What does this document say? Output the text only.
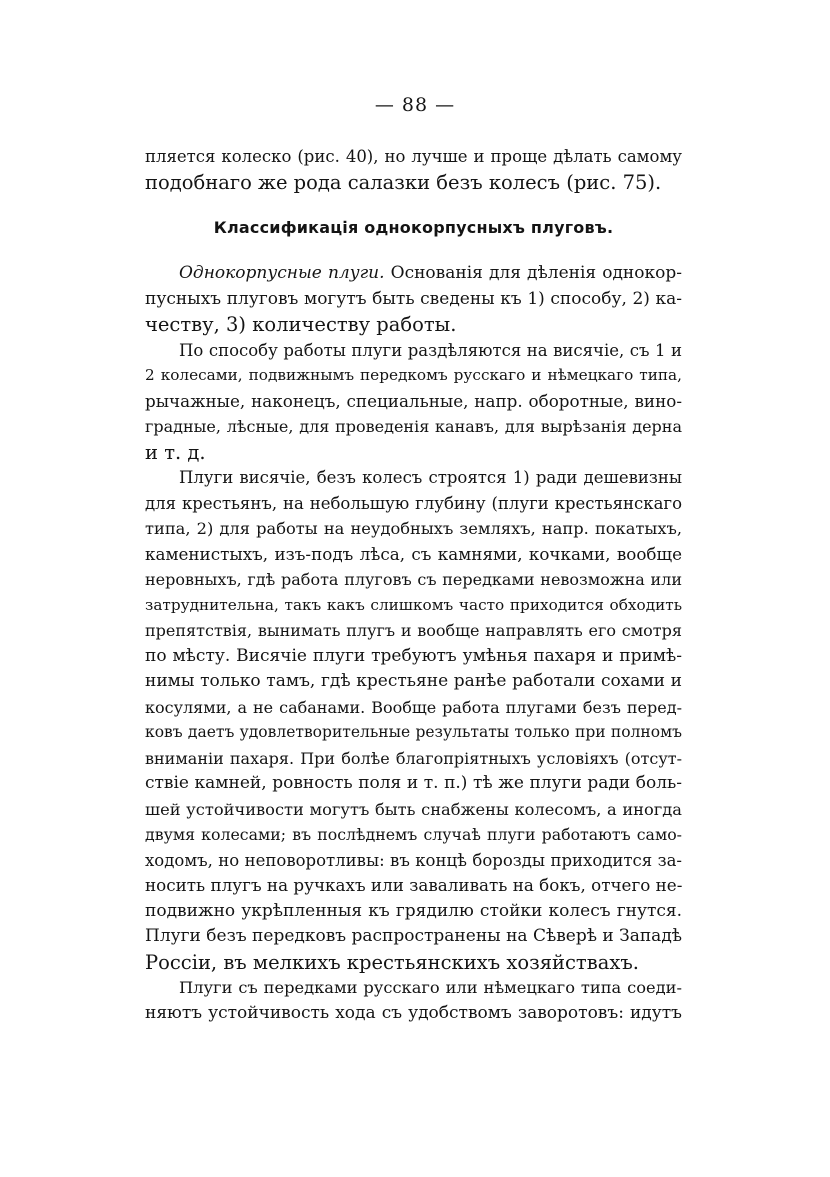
— 88 —
пляется колеско (рис. 40), но лучше и проще дѣлать самому
подобнаго же рода салазки безъ колесъ (рис. 75).
Классификація однокорпусныхъ плуговъ.
Однокорпусные плуги. Основанія для дѣленія однокор-
пусныхъ плуговъ могутъ быть сведены къ 1) способу, 2) ка-
честву, 3) количеству работы.
По способу работы плуги раздѣляются на висячіе, съ 1 и
2 колесами, подвижнымъ передкомъ русскаго и нѣмецкаго типа,
рычажные, наконецъ, специальные, напр. оборотные, вино-
градные, лѣсные, для проведенія канавъ, для вырѣзанія дерна
и т. д.
Плуги висячіе, безъ колесъ строятся 1) ради дешевизны
для крестьянъ, на небольшую глубину (плуги крестьянскаго
типа, 2) для работы на неудобныхъ земляхъ, напр. покатыхъ,
каменистыхъ, изъ-подъ лѣса, съ камнями, кочками, вообще
неровныхъ, гдѣ работа плуговъ съ передками невозможна или
затруднительна, такъ какъ слишкомъ часто приходится обходить
препятствія, вынимать плугъ и вообще направлять его смотря
по мѣсту. Висячіе плуги требуютъ умѣнья пахаря и примѣ-
нимы только тамъ, гдѣ крестьяне ранѣе работали сохами и
косулями, а не сабанами. Вообще работа плугами безъ перед-
ковъ даетъ удовлетворительные результаты только при полномъ
вниманіи пахаря. При болѣе благопріятныхъ условіяхъ (отсут-
ствіе камней, ровность поля и т. п.) тѣ же плуги ради боль-
шей устойчивости могутъ быть снабжены колесомъ, а иногда
двумя колесами; въ послѣднемъ случаѣ плуги работаютъ само-
ходомъ, но неповоротливы: въ концѣ борозды приходится за-
носить плугъ на ручкахъ или заваливать на бокъ, отчего не-
подвижно укрѣпленныя къ грядилю стойки колесъ гнутся.
Плуги безъ передковъ распространены на Сѣверѣ и Западѣ
Россіи, въ мелкихъ крестьянскихъ хозяйствахъ.
Плуги съ передками русскаго или нѣмецкаго типа соеди-
няютъ устойчивость хода съ удобствомъ заворотовъ: идутъ
